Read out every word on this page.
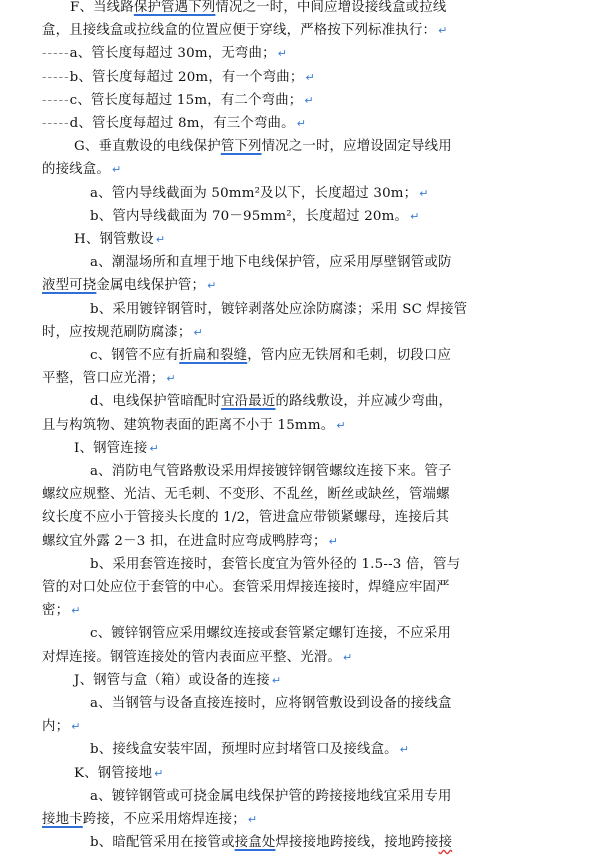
F、当线路保护管遇下列情况之一时，中间应增设接线盒或拉线
盒，且接线盒或拉线盒的位置应便于穿线，严格按下列标准执行： ↵
-----a、管长度每超过 30m，无弯曲； ↵
-----b、管长度每超过 20m，有一个弯曲； ↵
-----c、管长度每超过 15m，有二个弯曲； ↵
-----d、管长度每超过 8m，有三个弯曲。 ↵
G、垂直敷设的电线保护管下列情况之一时，应增设固定导线用
的接线盒。 ↵
a、管内导线截面为 50mm²及以下，长度超过 30m； ↵
b、管内导线截面为 70－95mm²，长度超过 20m。 ↵
H、钢管敷设 ↵
a、潮湿场所和直埋于地下电线保护管，应采用厚壁钢管或防
液型可挠金属电线保护管； ↵
b、采用镀锌钢管时，镀锌剥落处应涂防腐漆；采用 SC 焊接管
时，应按规范刷防腐漆； ↵
c、钢管不应有折扁和裂缝，管内应无铁屑和毛刺，切段口应
平整，管口应光滑； ↵
d、电线保护管暗配时宜沿最近的路线敷设，并应减少弯曲，
且与构筑物、建筑物表面的距离不小于 15mm。 ↵
I、钢管连接 ↵
a、消防电气管路敷设采用焊接镀锌钢管螺纹连接下来。管子
螺纹应规整、光洁、无毛刺、不变形、不乱丝，断丝或缺丝，管端螺
纹长度不应小于管接头长度的 1/2，管进盒应带锁紧螺母，连接后其
螺纹宜外露 2－3 扣，在进盒时应弯成鸭脖弯； ↵
b、采用套管连接时，套管长度宜为管外径的 1.5--3 倍，管与
管的对口处应位于套管的中心。套管采用焊接连接时，焊缝应牢固严
密； ↵
c、镀锌钢管应采用螺纹连接或套管紧定螺钉连接，不应采用
对焊连接。钢管连接处的管内表面应平整、光滑。 ↵
J、钢管与盒（箱）或设备的连接 ↵
a、当钢管与设备直接连接时，应将钢管敷设到设备的接线盒
内； ↵
b、接线盒安装牢固，预埋时应封堵管口及接线盒。 ↵
K、钢管接地 ↵
a、镀锌钢管或可挠金属电线保护管的跨接接地线宜采用专用
接地卡跨接，不应采用熔焊连接； ↵
b、暗配管采用在接管或接盒处焊接接地跨接线，接地跨接接
